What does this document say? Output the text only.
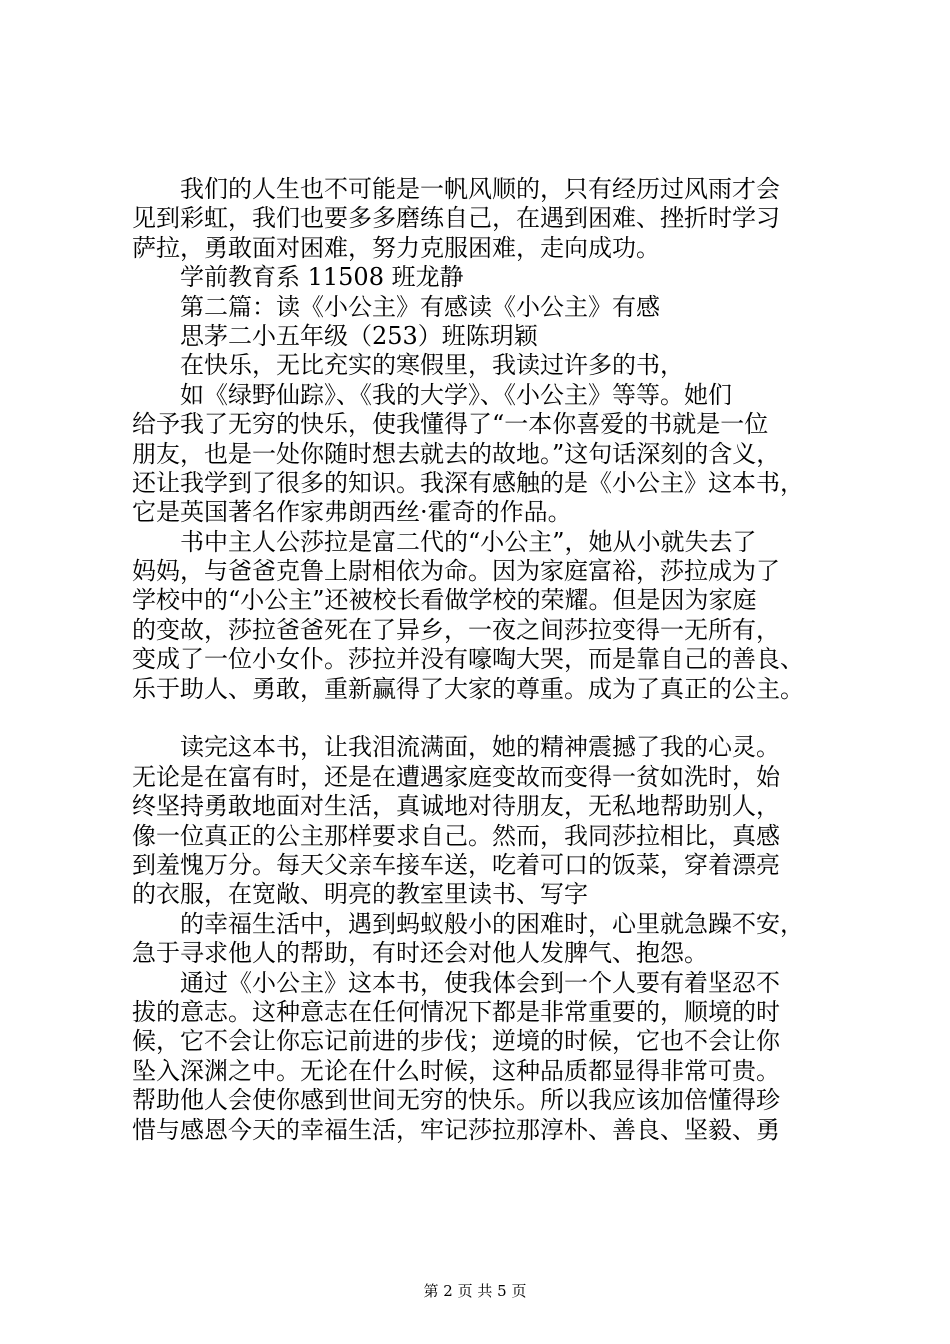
我们的人生也不可能是一帆风顺的，只有经历过风雨才会
见到彩虹，我们也要多多磨练自己，在遇到困难、挫折时学习
萨拉，勇敢面对困难，努力克服困难，走向成功。
学前教育系 11508 班龙静
第二篇：读《小公主》有感读《小公主》有感
思茅二小五年级（253）班陈玥颖
在快乐，无比充实的寒假里，我读过许多的书，
如《绿野仙踪》、《我的大学》、《小公主》等等。她们
给予我了无穷的快乐，使我懂得了“一本你喜爱的书就是一位
朋友，也是一处你随时想去就去的故地。”这句话深刻的含义，
还让我学到了很多的知识。我深有感触的是《小公主》这本书，
它是英国著名作家弗朗西丝·霍奇的作品。
书中主人公莎拉是富二代的“小公主”，她从小就失去了
妈妈，与爸爸克鲁上尉相依为命。因为家庭富裕，莎拉成为了
学校中的“小公主”还被校长看做学校的荣耀。但是因为家庭
的变故，莎拉爸爸死在了异乡，一夜之间莎拉变得一无所有，
变成了一位小女仆。莎拉并没有嚎啕大哭，而是靠自己的善良、
乐于助人、勇敢，重新赢得了大家的尊重。成为了真正的公主。
读完这本书，让我泪流满面，她的精神震撼了我的心灵。
无论是在富有时，还是在遭遇家庭变故而变得一贫如洗时，始
终坚持勇敢地面对生活，真诚地对待朋友，无私地帮助别人，
像一位真正的公主那样要求自己。然而，我同莎拉相比，真感
到羞愧万分。每天父亲车接车送，吃着可口的饭菜，穿着漂亮
的衣服，在宽敞、明亮的教室里读书、写字
的幸福生活中，遇到蚂蚁般小的困难时，心里就急躁不安，
急于寻求他人的帮助，有时还会对他人发脾气、抱怨。
通过《小公主》这本书，使我体会到一个人要有着坚忍不
拔的意志。这种意志在任何情况下都是非常重要的，顺境的时
候，它不会让你忘记前进的步伐；逆境的时候，它也不会让你
坠入深渊之中。无论在什么时候，这种品质都显得非常可贵。
帮助他人会使你感到世间无穷的快乐。所以我应该加倍懂得珍
惜与感恩今天的幸福生活，牢记莎拉那淳朴、善良、坚毅、勇
第 2 页 共 5 页
